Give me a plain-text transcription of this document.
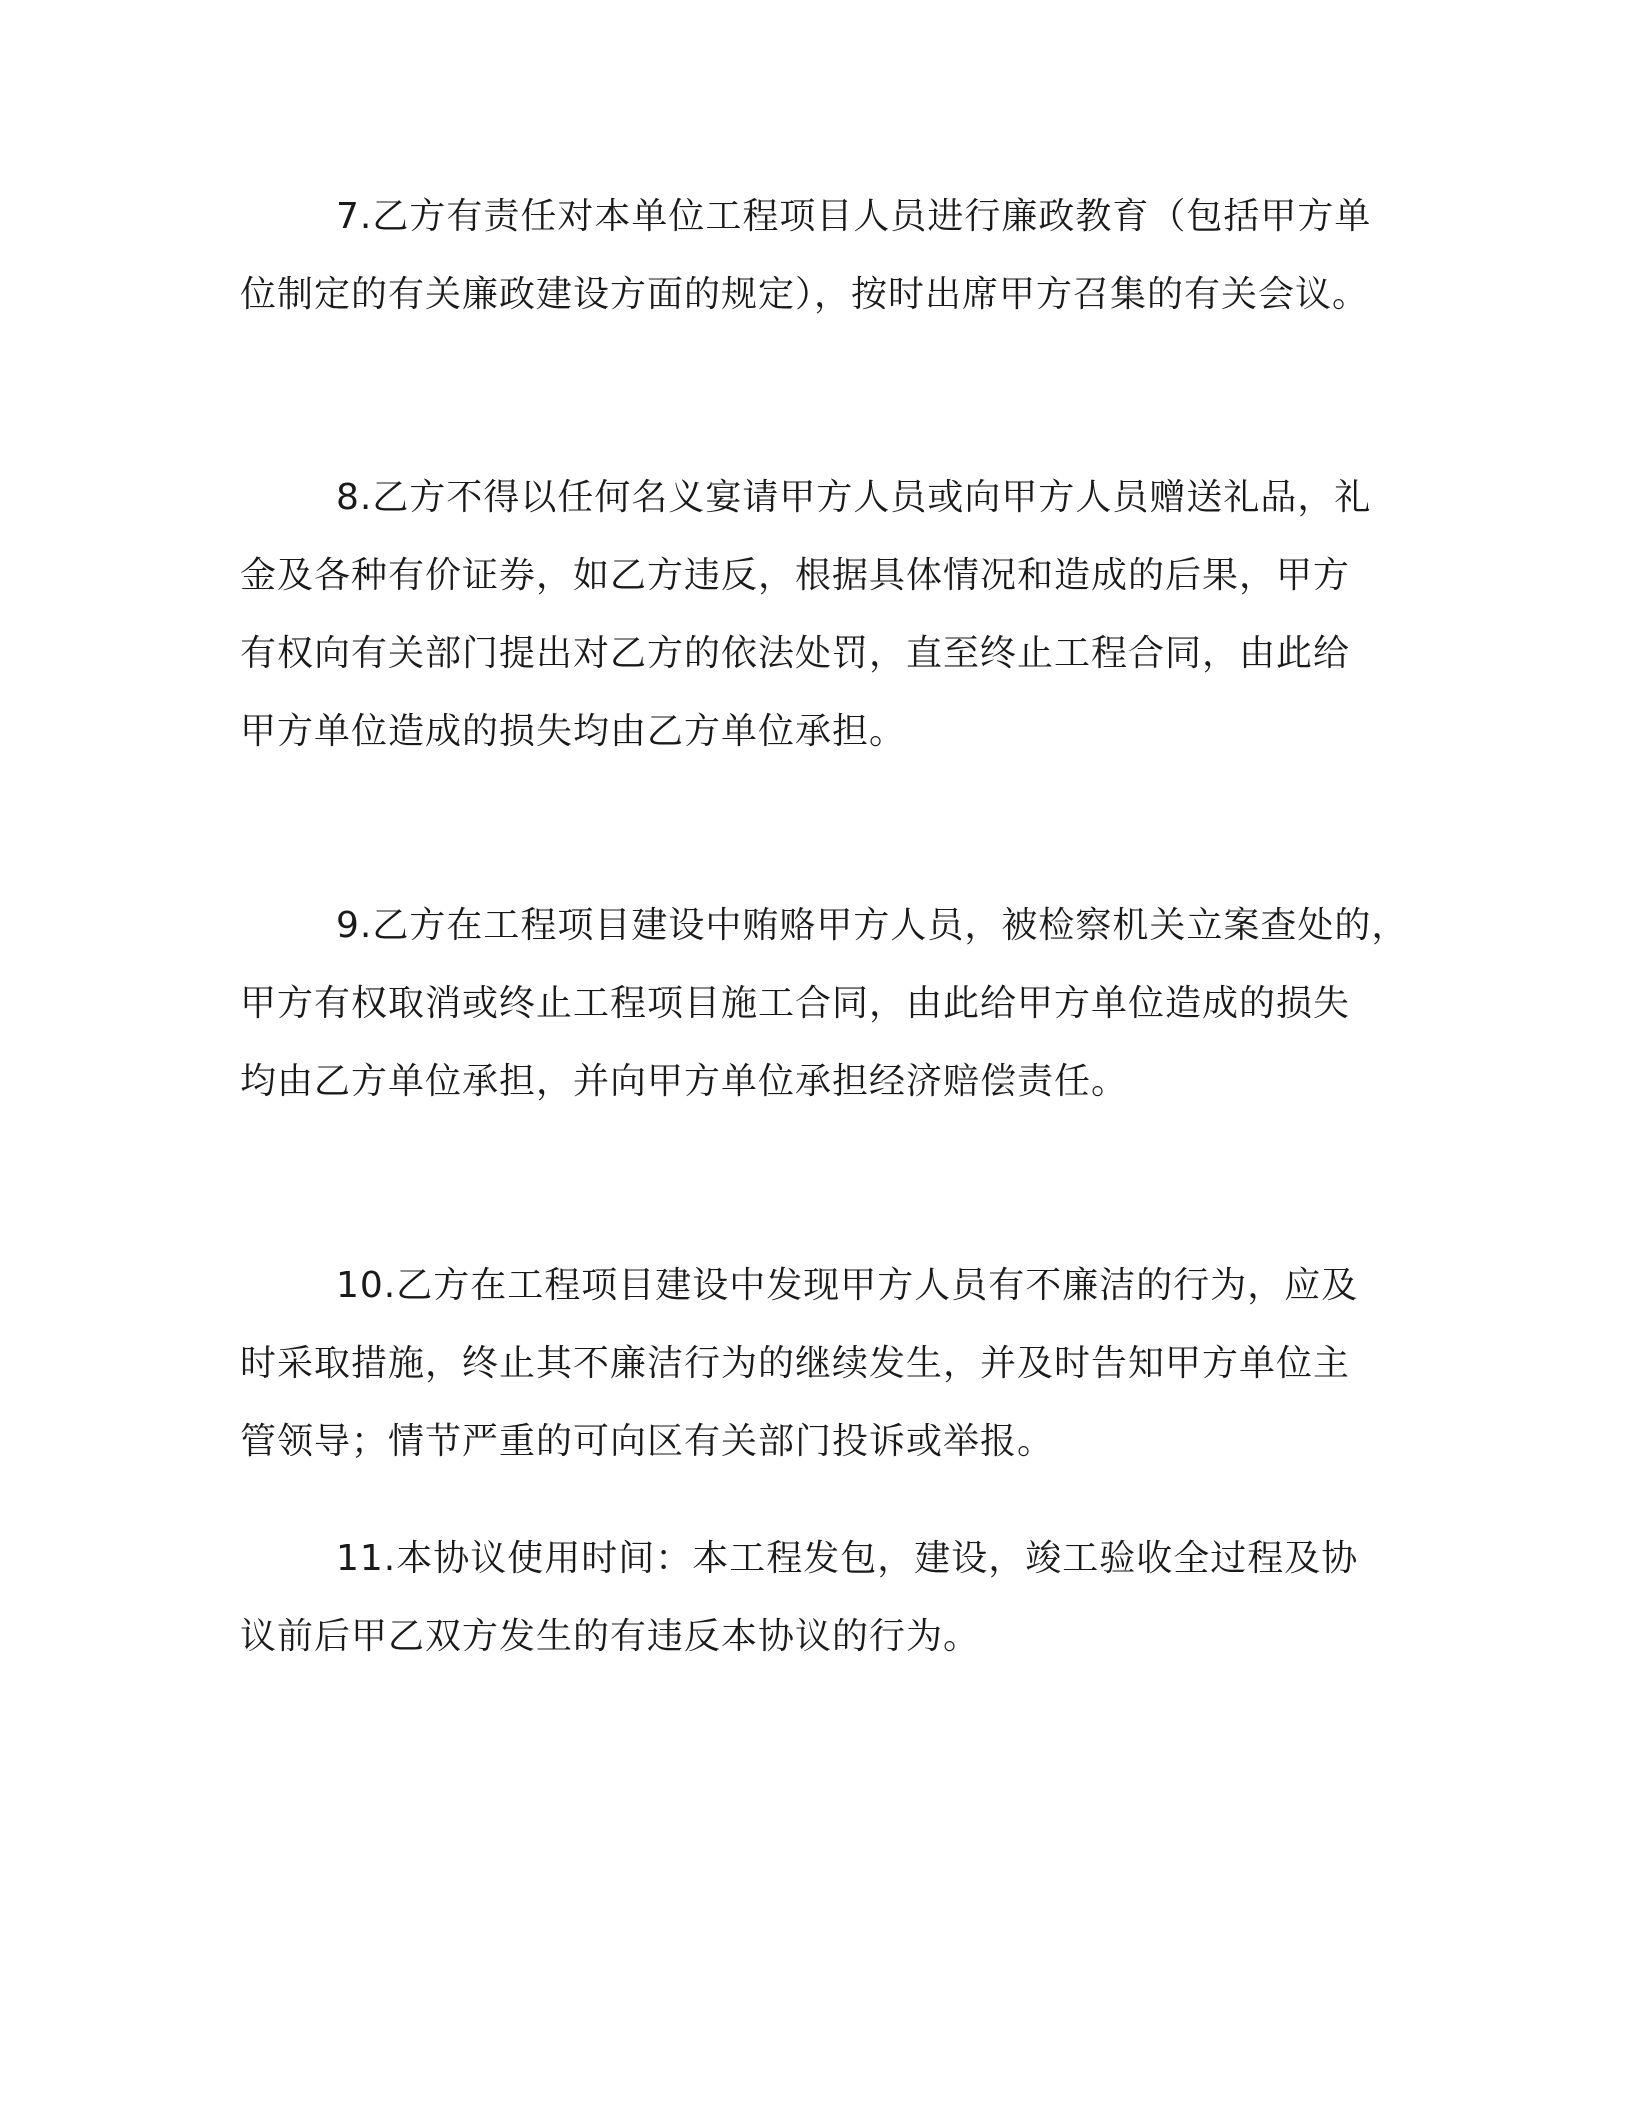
7.乙方有责任对本单位工程项目人员进行廉政教育（包括甲方单
位制定的有关廉政建设方面的规定），按时出席甲方召集的有关会议。

8.乙方不得以任何名义宴请甲方人员或向甲方人员赠送礼品，礼
金及各种有价证券，如乙方违反，根据具体情况和造成的后果，甲方
有权向有关部门提出对乙方的依法处罚，直至终止工程合同，由此给
甲方单位造成的损失均由乙方单位承担。

9.乙方在工程项目建设中贿赂甲方人员，被检察机关立案查处的，
甲方有权取消或终止工程项目施工合同，由此给甲方单位造成的损失
均由乙方单位承担，并向甲方单位承担经济赔偿责任。

10.乙方在工程项目建设中发现甲方人员有不廉洁的行为，应及
时采取措施，终止其不廉洁行为的继续发生，并及时告知甲方单位主
管领导；情节严重的可向区有关部门投诉或举报。

11.本协议使用时间：本工程发包，建设，竣工验收全过程及协
议前后甲乙双方发生的有违反本协议的行为。
